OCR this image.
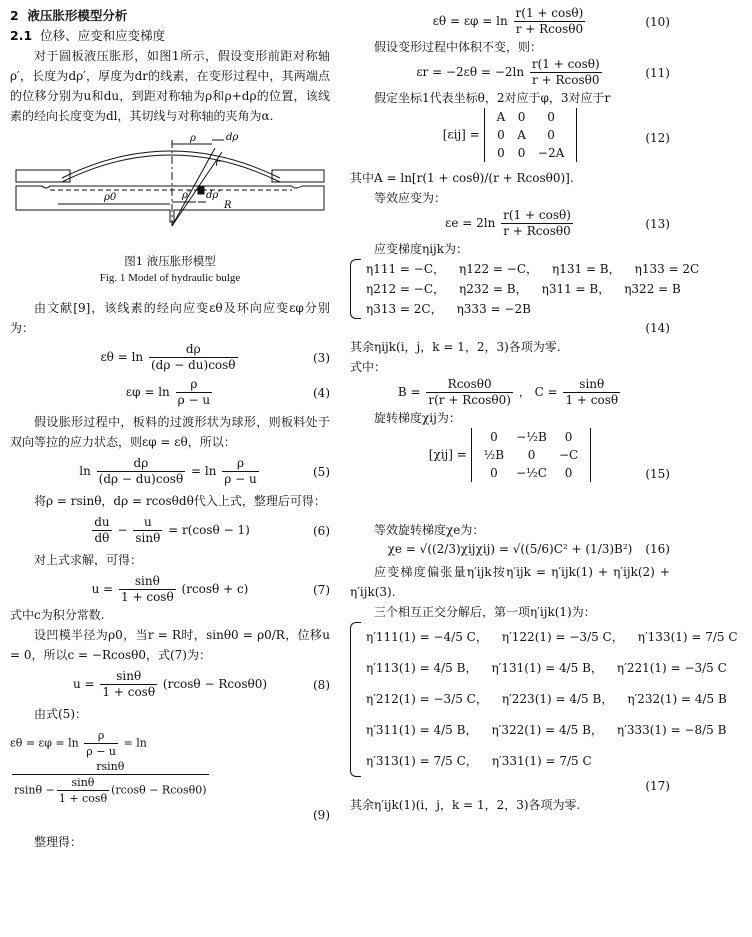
2 液压胀形模型分析
2.1 位移、应变和应变梯度

对于圆板液压胀形，如图1所示，假设变形前距对称轴ρ′，长度为dρ′，厚度为dr的线素，在变形过程中，其两端点的位移分别为u和du，到距对称轴为ρ和ρ+dρ的位置，该线素的经向长度变为dl，其切线与对称轴的夹角为α.

ρ0	ρ′ dρ′
ρ	dρ
r
R

图1 液压胀形模型

Fig. 1 Model of hydraulic bulge

由文献[9]，该线素的经向应变εθ及环向应变εφ分别为：

$\varepsilon\theta = \ln \frac{d\rho}{(d\rho - du)\cos\theta}$	(3)
$\varepsilon\varphi = \ln \frac{\rho}{\rho - u}$	(4)

假设胀形过程中，板料的过渡形状为球形，则板料处于双向等拉的应力状态，则εφ = εθ，所以：

$\ln \frac{d\rho}{(d\rho - du)\cos\theta} = \ln \frac{\rho}{\rho - u}$	(5)

将ρ = rsinθ，dρ = rcosθdθ代入上式，整理后可得：

$\frac{du}{d\theta} - \frac{u}{\sin\theta} = r(\cos\theta - 1)$	(6)

对上式求解，可得：

$u = \frac{\sin\theta}{1 + \cos\theta} (rcos\theta + c)$	(7)

式中c为积分常数.

设凹模半径为ρ0，当r = R时，sinθ0 = ρ0/R，位移u = 0，所以c = −Rcosθ0，式(7)为：

$u = \frac{\sin\theta}{1 + \cos\theta} (rcos\theta - Rcos\theta 0)$	(8)

由式(5)：

$\varepsilon\theta = \varepsilon\varphi = \ln \frac{\rho}{\rho - u} = \ln$
$\frac{rsin\theta}{rsin\theta - \frac{\sin\theta}{1 + \cos\theta} (rcos\theta - Rcos\theta 0)}$
(9)

整理得：

$\varepsilon\theta = \varepsilon\varphi = \ln \frac{r(1 + \cos\theta)}{r + Rcos\theta 0}$	(10)

假设变形过程中体积不变，则：

$\varepsilon r = -2\varepsilon\theta = -2\ln \frac{r(1 + \cos\theta)}{r + Rcos\theta 0}$	(11)

假定坐标1代表坐标θ，2对应于φ，3对应于r

[εij] =
A	0	0
0	A	0
0	0	−2A
(12)

其中A = ln[r(1 + cosθ)/(r + Rcosθ0)].

等效应变为：

$\varepsilon e = 2\ln \frac{r(1 + \cos\theta)}{r + Rcos\theta 0}$	(13)

应变梯度ηijk为：

η111 = −C， η122 = −C， η131 = B， η133 = 2C
η212 = −C， η232 = B， η311 = B， η322 = B
η313 = 2C， η333 = −2B
(14)

其余ηijk(i，j，k = 1，2，3)各项为零.

式中：

$B = \frac{Rcos\theta 0}{r(r + Rcos\theta 0)}$ ， $C = \frac{\sin\theta}{1 + \cos\theta}$

旋转梯度χij为：

[χij] =
0	−½B	0
½B	0	−C
0	−½C	0	(15)

等效旋转梯度χe为：

χe = √((2/3)χijχij) = √((5/6)C² + (1/3)B²) (16)

应变梯度偏张量η′ijk按η′ijk = η′ijk(1) + η′ijk(2) + η′ijk(3).

三个相互正交分解后，第一项η′ijk(1)为：

η′111(1) = −4/5 C， η′122(1) = −3/5 C， η′133(1) = 7/5 C
η′113(1) = 4/5 B， η′131(1) = 4/5 B， η′221(1) = −3/5 C
η′212(1) = −3/5 C， η′223(1) = 4/5 B， η′232(1) = 4/5 B
η′311(1) = 4/5 B， η′322(1) = 4/5 B， η′333(1) = −8/5 B
η′313(1) = 7/5 C， η′331(1) = 7/5 C
(17)

其余η′ijk(1)(i，j，k = 1，2，3)各项为零.
